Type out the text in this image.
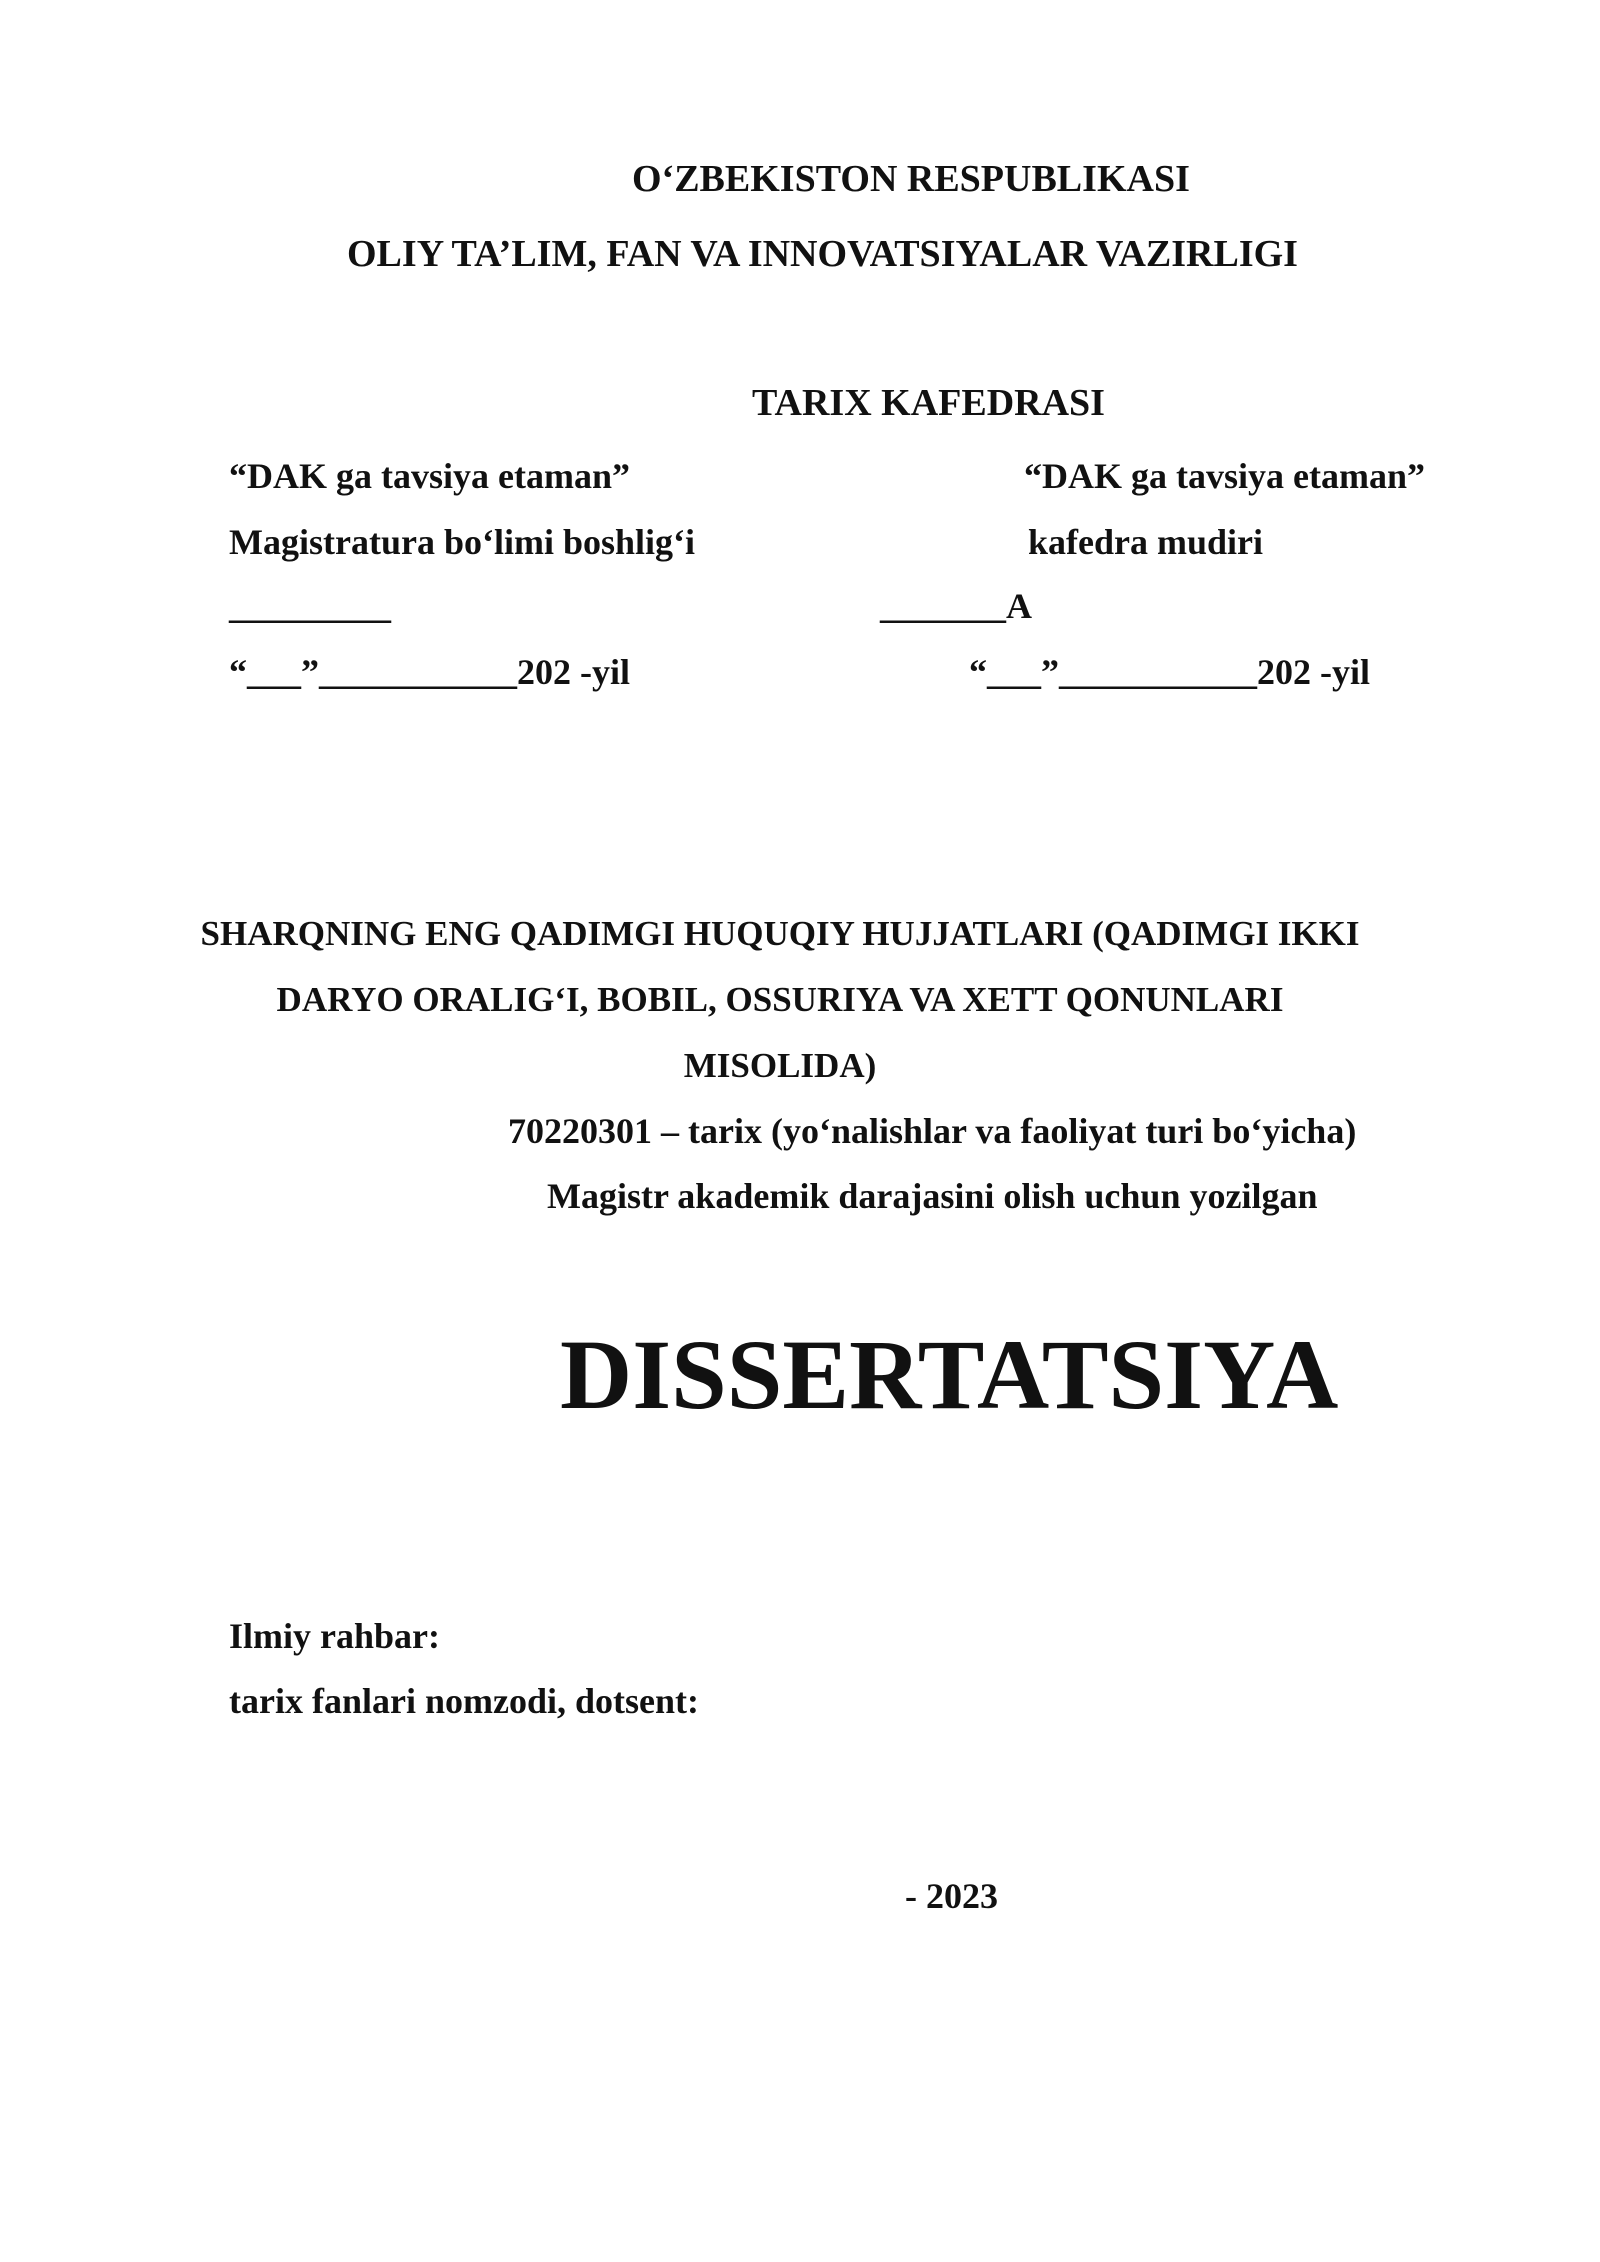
O‘ZBEKISTON RESPUBLIKASI
OLIY TA’LIM, FAN VA INNOVATSIYALAR VAZIRLIGI
TARIX KAFEDRASI
“DAK ga tavsiya etaman”
Magistratura bo‘limi boshlig‘i
_________
“___”___________202 -yil
“DAK ga tavsiya etaman”
kafedra mudiri
_______A
“___”___________202 -yil
SHARQNING ENG QADIMGI HUQUQIY HUJJATLARI (QADIMGI IKKI
DARYO ORALIG‘I, BOBIL, OSSURIYA VA XETT QONUNLARI
MISOLIDA)
70220301 – tarix (yo‘nalishlar va faoliyat turi bo‘yicha)
Magistr akademik darajasini olish uchun yozilgan
DISSERTATSIYA
Ilmiy rahbar:
tarix fanlari nomzodi, dotsent:
- 2023
